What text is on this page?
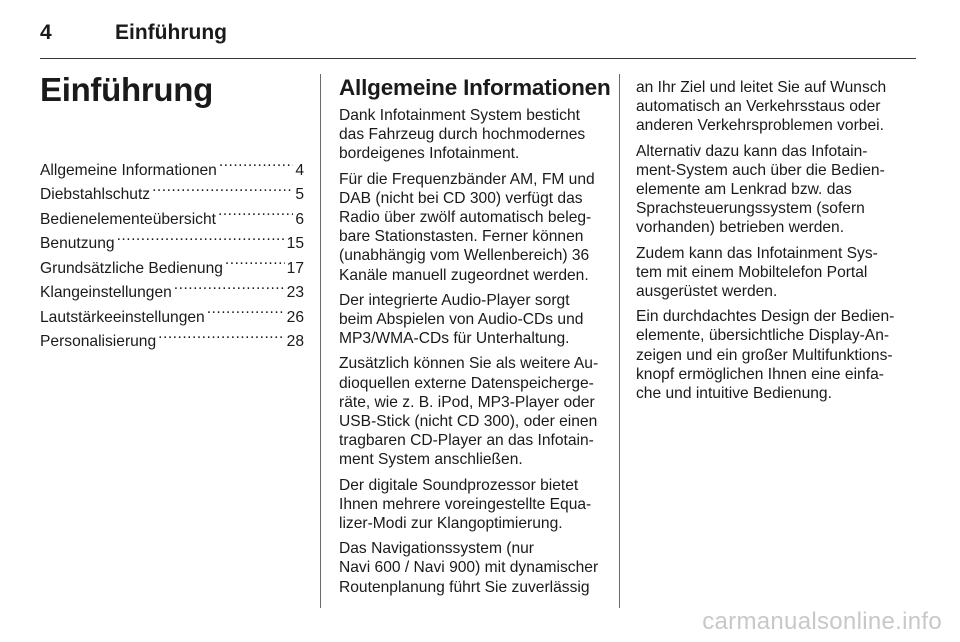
4	Einführung
Einführung
Allgemeine Informationen .....	4
Diebstahlschutz .....	5
Bedienelementeübersicht .....	6
Benutzung .....	15
Grundsätzliche Bedienung .....	17
Klangeinstellungen .....	23
Lautstärkeeinstellungen .....	26
Personalisierung .....	28
Allgemeine Informationen

Dank Infotainment System besticht
das Fahrzeug durch hochmodernes
bordeigenes Infotainment.

Für die Frequenzbänder AM, FM und
DAB (nicht bei CD 300) verfügt das
Radio über zwölf automatisch beleg-
bare Stationstasten. Ferner können
(unabhängig vom Wellenbereich) 36
Kanäle manuell zugeordnet werden.

Der integrierte Audio-Player sorgt
beim Abspielen von Audio-CDs und
MP3/WMA-CDs für Unterhaltung.

Zusätzlich können Sie als weitere Au-
dioquellen externe Datenspeicherge-
räte, wie z. B. iPod, MP3-Player oder
USB-Stick (nicht CD 300), oder einen
tragbaren CD-Player an das Infotain-
ment System anschließen.

Der digitale Soundprozessor bietet
Ihnen mehrere voreingestellte Equa-
lizer-Modi zur Klangoptimierung.

Das Navigationssystem (nur
Navi 600 / Navi 900) mit dynamischer
Routenplanung führt Sie zuverlässig

an Ihr Ziel und leitet Sie auf Wunsch
automatisch an Verkehrsstaus oder
anderen Verkehrsproblemen vorbei.

Alternativ dazu kann das Infotain-
ment-System auch über die Bedien-
elemente am Lenkrad bzw. das
Sprachsteuerungssystem (sofern
vorhanden) betrieben werden.

Zudem kann das Infotainment Sys-
tem mit einem Mobiltelefon Portal
ausgerüstet werden.

Ein durchdachtes Design der Bedien-
elemente, übersichtliche Display-An-
zeigen und ein großer Multifunktions-
knopf ermöglichen Ihnen eine einfa-
che und intuitive Bedienung.

carmanualsonline.info
